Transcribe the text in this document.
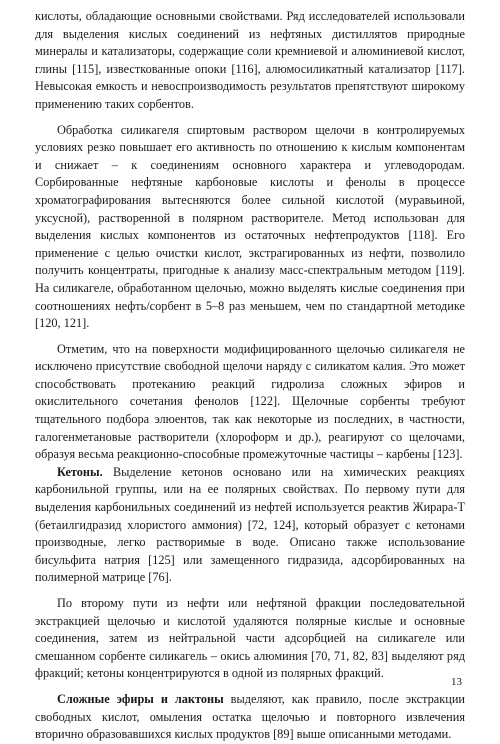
кислоты, обладающие основными свойствами. Ряд исследователей использовали для выделения кислых соединений из нефтяных дистиллятов природные минералы и катализаторы, содержащие соли кремниевой и алюминиевой кислот, глины [115], известкованные опоки [116], алюмосиликатный катализатор [117]. Невысокая емкость и невоспроизводимость результатов препятствуют широкому применению таких сорбентов.

Обработка силикагеля спиртовым раствором щелочи в контролируемых условиях резко повышает его активность по отношению к кислым компонентам и снижает – к соединениям основного характера и углеводородам. Сорбированные нефтяные карбоновые кислоты и фенолы в процессе хроматографирования вытесняются более сильной кислотой (муравьиной, уксусной), растворенной в полярном растворителе. Метод использован для выделения кислых компонентов из остаточных нефтепродуктов [118]. Его применение с целью очистки кислот, экстрагированных из нефти, позволило получить концентраты, пригодные к анализу масс-спектральным методом [119]. На силикагеле, обработанном щелочью, можно выделять кислые соединения при соотношениях нефть/сорбент в 5–8 раз меньшем, чем по стандартной методике [120, 121].

Отметим, что на поверхности модифицированного щелочью силикагеля не исключено присутствие свободной щелочи наряду с силикатом калия. Это может способствовать протеканию реакций гидролиза сложных эфиров и окислительного сочетания фенолов [122]. Щелочные сорбенты требуют тщательного подбора элюентов, так как некоторые из последних, в частности, галогенметановые растворители (хлороформ и др.), реагируют со щелочами, образуя весьма реакционно-способные промежуточные частицы – карбены [123].

Кетоны. Выделение кетонов основано или на химических реакциях карбонильной группы, или на ее полярных свойствах. По первому пути для выделения карбонильных соединений из нефтей используется реактив Жирара-Т (бетаилгидразид хлористого аммония) [72, 124], который образует с кетонами производные, легко растворимые в воде. Описано также использование бисульфита натрия [125] или замещенного гидразида, адсорбированных на полимерной матрице [76].

По второму пути из нефти или нефтяной фракции последовательной экстракцией щелочью и кислотой удаляются полярные кислые и основные соединения, затем из нейтральной части адсорбцией на силикагеле или смешанном сорбенте силикагель – окись алюминия [70, 71, 82, 83] выделяют ряд фракций; кетоны концентрируются в одной из полярных фракций.

Сложные эфиры и лактоны выделяют, как правило, после экстракции свободных кислот, омыления остатка щелочью и повторного извлечения вторично образовавшихся кислых продуктов [89] выше описанными методами.

13
